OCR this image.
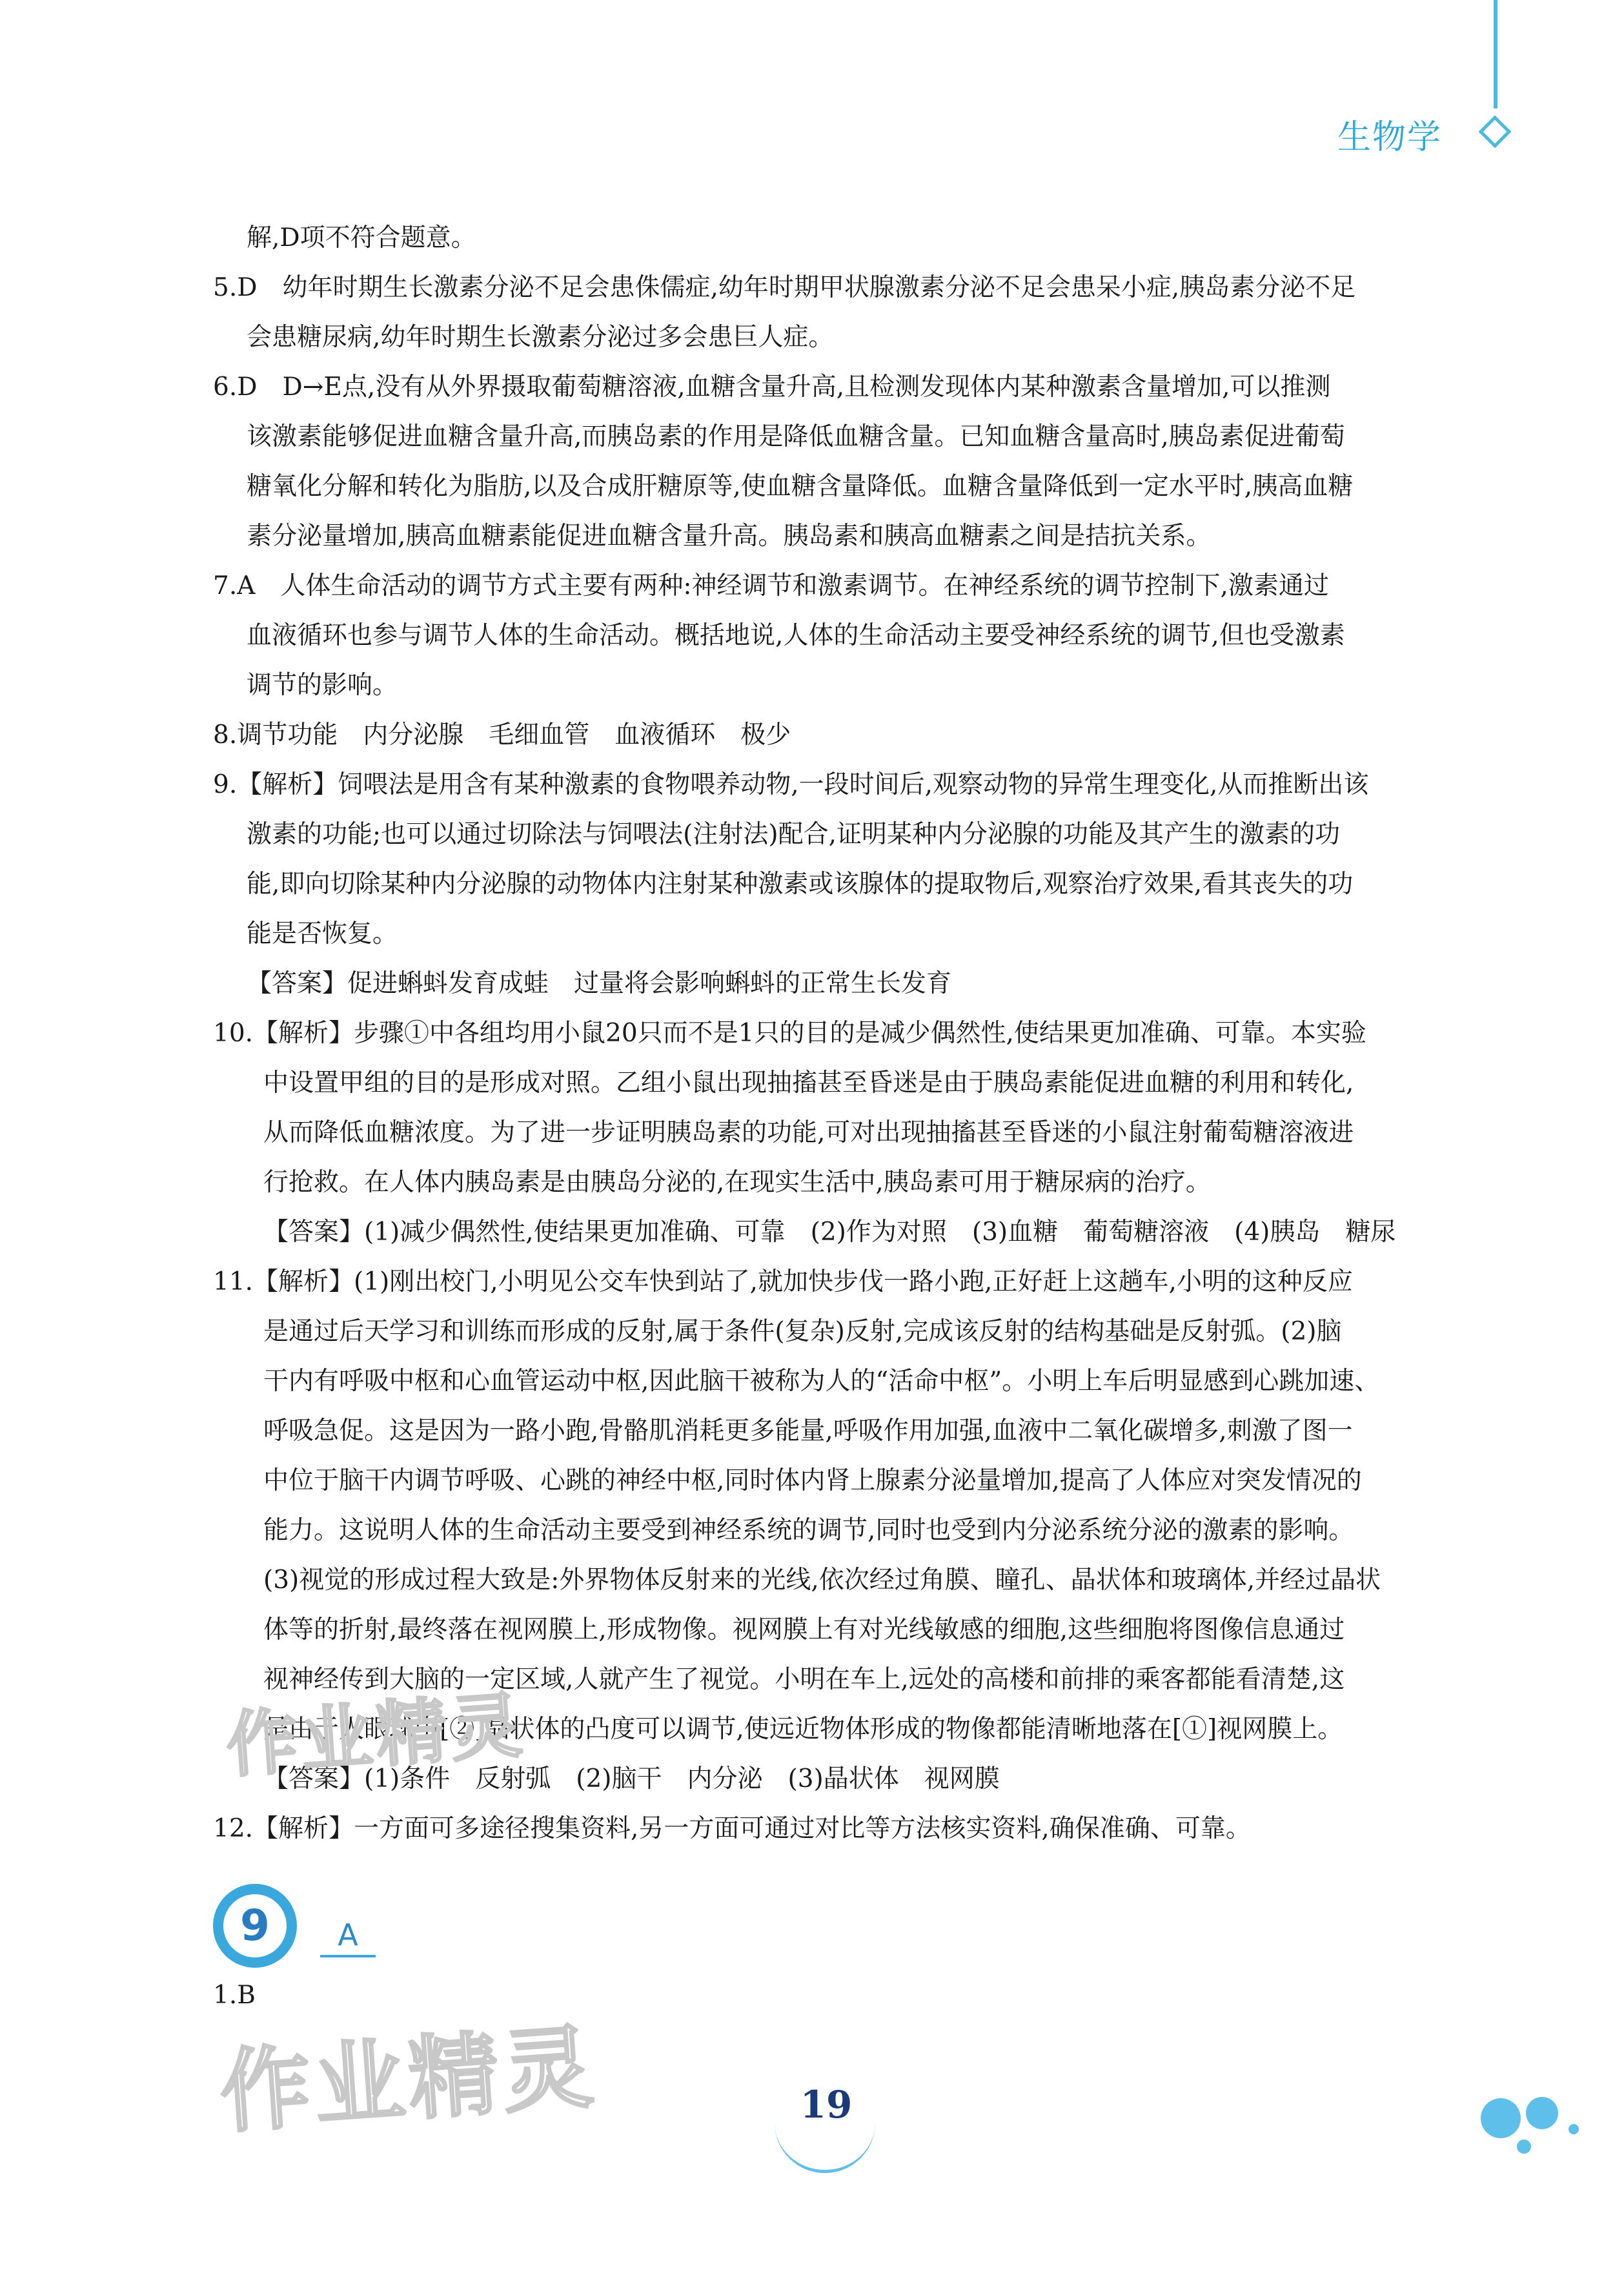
生物学
解,D项不符合题意。
5.D　幼年时期生长激素分泌不足会患侏儒症,幼年时期甲状腺激素分泌不足会患呆小症,胰岛素分泌不足
会患糖尿病,幼年时期生长激素分泌过多会患巨人症。
6.D　D→E点,没有从外界摄取葡萄糖溶液,血糖含量升高,且检测发现体内某种激素含量增加,可以推测
该激素能够促进血糖含量升高,而胰岛素的作用是降低血糖含量。已知血糖含量高时,胰岛素促进葡萄
糖氧化分解和转化为脂肪,以及合成肝糖原等,使血糖含量降低。血糖含量降低到一定水平时,胰高血糖
素分泌量增加,胰高血糖素能促进血糖含量升高。胰岛素和胰高血糖素之间是拮抗关系。
7.A　人体生命活动的调节方式主要有两种:神经调节和激素调节。在神经系统的调节控制下,激素通过
血液循环也参与调节人体的生命活动。概括地说,人体的生命活动主要受神经系统的调节,但也受激素
调节的影响。
8.调节功能　内分泌腺　毛细血管　血液循环　极少
9.【解析】饲喂法是用含有某种激素的食物喂养动物,一段时间后,观察动物的异常生理变化,从而推断出该
激素的功能;也可以通过切除法与饲喂法(注射法)配合,证明某种内分泌腺的功能及其产生的激素的功
能,即向切除某种内分泌腺的动物体内注射某种激素或该腺体的提取物后,观察治疗效果,看其丧失的功
能是否恢复。
【答案】促进蝌蚪发育成蛙　过量将会影响蝌蚪的正常生长发育
10.【解析】步骤①中各组均用小鼠20只而不是1只的目的是减少偶然性,使结果更加准确、可靠。本实验
中设置甲组的目的是形成对照。乙组小鼠出现抽搐甚至昏迷是由于胰岛素能促进血糖的利用和转化,
从而降低血糖浓度。为了进一步证明胰岛素的功能,可对出现抽搐甚至昏迷的小鼠注射葡萄糖溶液进
行抢救。在人体内胰岛素是由胰岛分泌的,在现实生活中,胰岛素可用于糖尿病的治疗。
【答案】(1)减少偶然性,使结果更加准确、可靠　(2)作为对照　(3)血糖　葡萄糖溶液　(4)胰岛　糖尿
11.【解析】(1)刚出校门,小明见公交车快到站了,就加快步伐一路小跑,正好赶上这趟车,小明的这种反应
是通过后天学习和训练而形成的反射,属于条件(复杂)反射,完成该反射的结构基础是反射弧。(2)脑
干内有呼吸中枢和心血管运动中枢,因此脑干被称为人的“活命中枢”。小明上车后明显感到心跳加速、
呼吸急促。这是因为一路小跑,骨骼肌消耗更多能量,呼吸作用加强,血液中二氧化碳增多,刺激了图一
中位于脑干内调节呼吸、心跳的神经中枢,同时体内肾上腺素分泌量增加,提高了人体应对突发情况的
能力。这说明人体的生命活动主要受到神经系统的调节,同时也受到内分泌系统分泌的激素的影响。
(3)视觉的形成过程大致是:外界物体反射来的光线,依次经过角膜、瞳孔、晶状体和玻璃体,并经过晶状
体等的折射,最终落在视网膜上,形成物像。视网膜上有对光线敏感的细胞,这些细胞将图像信息通过
视神经传到大脑的一定区域,人就产生了视觉。小明在车上,远处的高楼和前排的乘客都能看清楚,这
是由于人眼球中[②]晶状体的凸度可以调节,使远近物体形成的物像都能清晰地落在[①]视网膜上。
【答案】(1)条件　反射弧　(2)脑干　内分泌　(3)晶状体　视网膜
12.【解析】一方面可多途径搜集资料,另一方面可通过对比等方法核实资料,确保准确、可靠。
作业精灵
9	A
1.B
作业精灵	19
